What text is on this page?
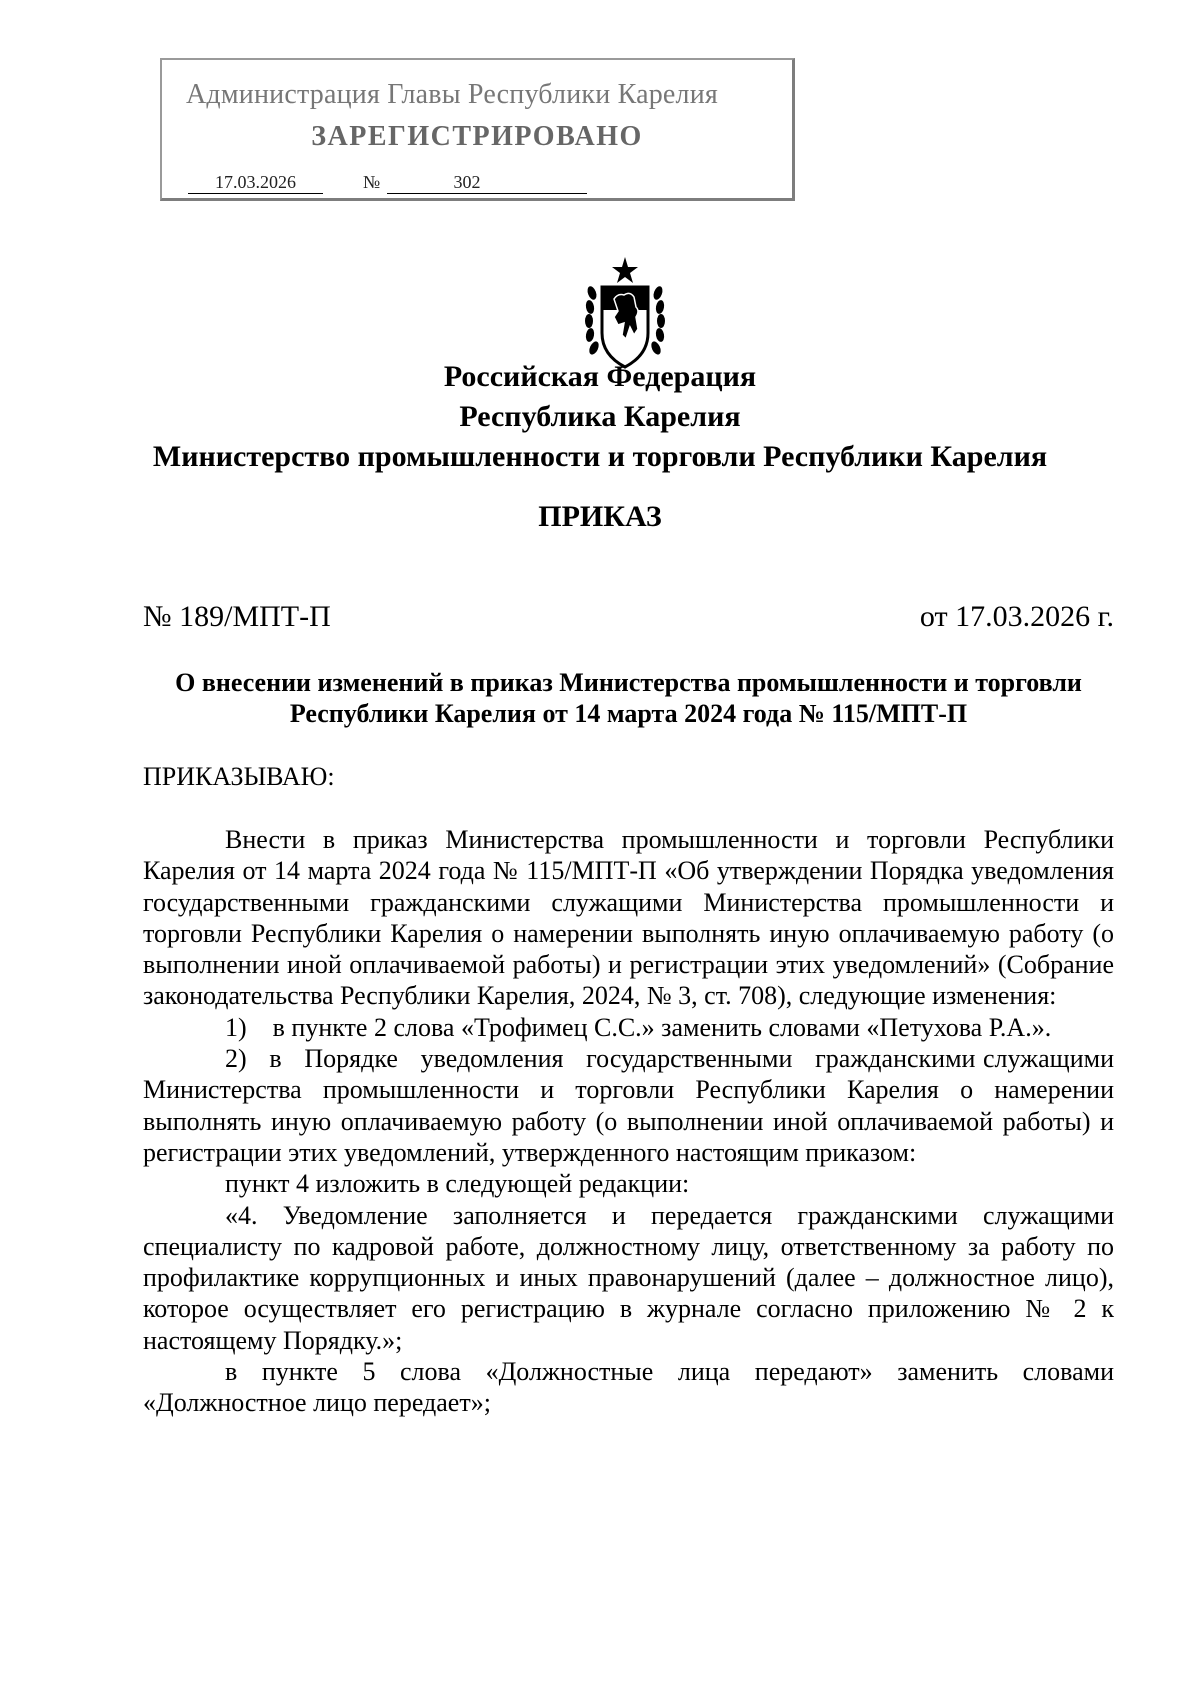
Администрация Главы Республики Карелия
ЗАРЕГИСТРИРОВАНО
17.03.2026	№	302
Российская Федерация
Республика Карелия
Министерство промышленности и торговли Республики Карелия
ПРИКАЗ
№ 189/МПТ-П	от 17.03.2026 г.
О внесении изменений в приказ Министерства промышленности и торговли Республики Карелия от 14 марта 2024 года № 115/МПТ-П
ПРИКАЗЫВАЮ:

Внести в приказ Министерства промышленности и торговли Республики Карелия от 14 марта 2024 года № 115/МПТ-П «Об утверждении Порядка уведомления государственными гражданскими служащими Министерства промышленности и торговли Республики Карелия о намерении выполнять иную оплачиваемую работу (о выполнении иной оплачиваемой работы) и регистрации этих уведомлений» (Собрание законодательства Республики Карелия, 2024, № 3, ст. 708), следующие изменения:

1)    в пункте 2 слова «Трофимец С.С.» заменить словами «Петухова Р.А.».

2)   в   Порядке   уведомления   государственными   гражданскими служащими Министерства промышленности и торговли Республики Карелия о намерении выполнять иную оплачиваемую работу (о выполнении иной оплачиваемой работы) и регистрации этих уведомлений, утвержденного настоящим приказом:

пункт 4 изложить в следующей редакции:

«4. Уведомление заполняется и передается гражданскими служащими специалисту по кадровой работе, должностному лицу, ответственному за работу по профилактике коррупционных и иных правонарушений (далее – должностное лицо), которое осуществляет его регистрацию в журнале согласно приложению № 2 к настоящему Порядку.»;

в пункте 5 слова «Должностные лица передают» заменить словами «Должностное лицо передает»;
